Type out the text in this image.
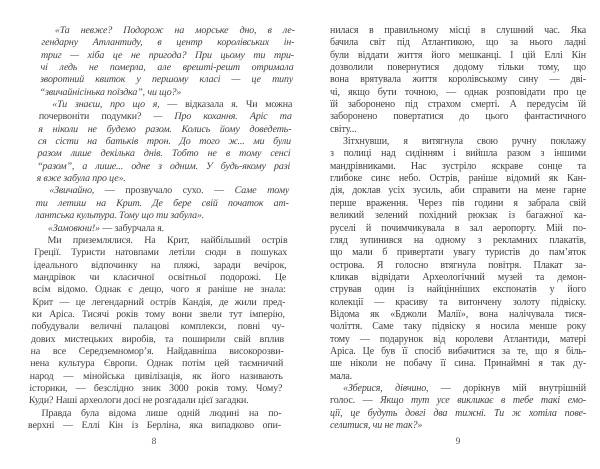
«Та невже? Подорож на морське дно, в ле-
гендарну Атлантиду, в центр королівських ін-
триг — хіба це не пригода? При цьому ти три-
чі ледь не померла, але врешті-решт отримала
зворотний квиток у першому класі — це типу
“звичайнісінька поїздка”, чи що?»
«Ти знаєш, про що я, — відказала я. Чи можна
почервоніти подумки? — Про кохання. Аріс та
я ніколи не будемо разом. Колись йому доведеть-
ся сісти на батьків трон. До того ж... ми були
разом лише декілька днів. Тобто не в тому сенсі
“разом”, а лише... одне з одним. У будь-якому разі
я вже забула про це».
«Звичайно, — прозвучало сухо. — Саме тому
ти летиш на Крит. Де бере свій початок ат-
лантська культура. Тому що ти забула».
«Замовкни!» — забурчала я.
Ми приземлялися. На Крит, найбільший острів
Греції. Туристи натовпами летіли сюди в пошуках
ідеального відпочинку на пляжі, заради вечірок,
мандрівок чи класичної освітньої подорожі. Це
всім відомо. Однак є дещо, чого я раніше не знала:
Крит — це легендарний острів Кандія, де жили пред-
ки Аріса. Тисячі років тому вони звели тут імперію,
побудували величні палацові комплекси, повні чу-
дових мистецьких виробів, та поширили свій вплив
на все Середземномор’я. Найдавніша високорозви-
нена культура Європи. Однак потім цей таємничий
народ — мінойська цивілізація, як його називають
історики, — безслідно зник 3000 років тому. Чому?
Куди? Наші археологи досі не розгадали цієї загадки.
Правда була відома лише одній людині на по-
верхні — Еллі Кін із Берліна, яка випадково опи-
8
нилася в правильному місці в слушний час. Яка
бачила світ під Атлантикою, що за нього ладні
були віддати життя його мешканці. І цій Еллі Кін
дозволили повернутися додому тільки тому, що
вона врятувала життя королівському сину — дві-
чі, якщо бути точною, — однак розповідати про це
їй заборонено під страхом смерті. А передусім їй
заборонено повертатися до цього фантастичного
світу...
Зітхнувши, я витягнула свою ручну поклажу
з полиці над сидінням і вийшла разом з іншими
мандрівниками. Нас зустріло яскраве сонце та
глибоке синє небо. Острів, раніше відомий як Кан-
дія, доклав усіх зусиль, аби справити на мене гарне
перше враження. Через пів години я забрала свій
великий зелений похідний рюкзак із багажної ка-
руселі й почимчикувала в зал аеропорту. Мій по-
гляд зупинився на одному з рекламних плакатів,
що мали б привертати увагу туристів до пам’яток
острова. Я голосно втягнула повітря. Плакат за-
кликав відвідати Археологічний музей та демон-
стрував один із найцінніших експонатів у його
колекції — красиву та витончену золоту підвіску.
Відома як «Бджоли Малії», вона налічувала тися-
чоліття. Саме таку підвіску я носила менше року
тому — подарунок від королеви Атлантиди, матері
Аріса. Це був її спосіб вибачитися за те, що я біль-
ше ніколи не побачу її сина. Принаймні я так ду-
мала.
«Зберися, дівчино, — дорікнув мій внутрішній
голос. — Якщо тут усе викликає в тебе такі емо-
ції, це будуть довгі два тижні. Ти ж хотіла пове-
селитися, чи не так?»
9
